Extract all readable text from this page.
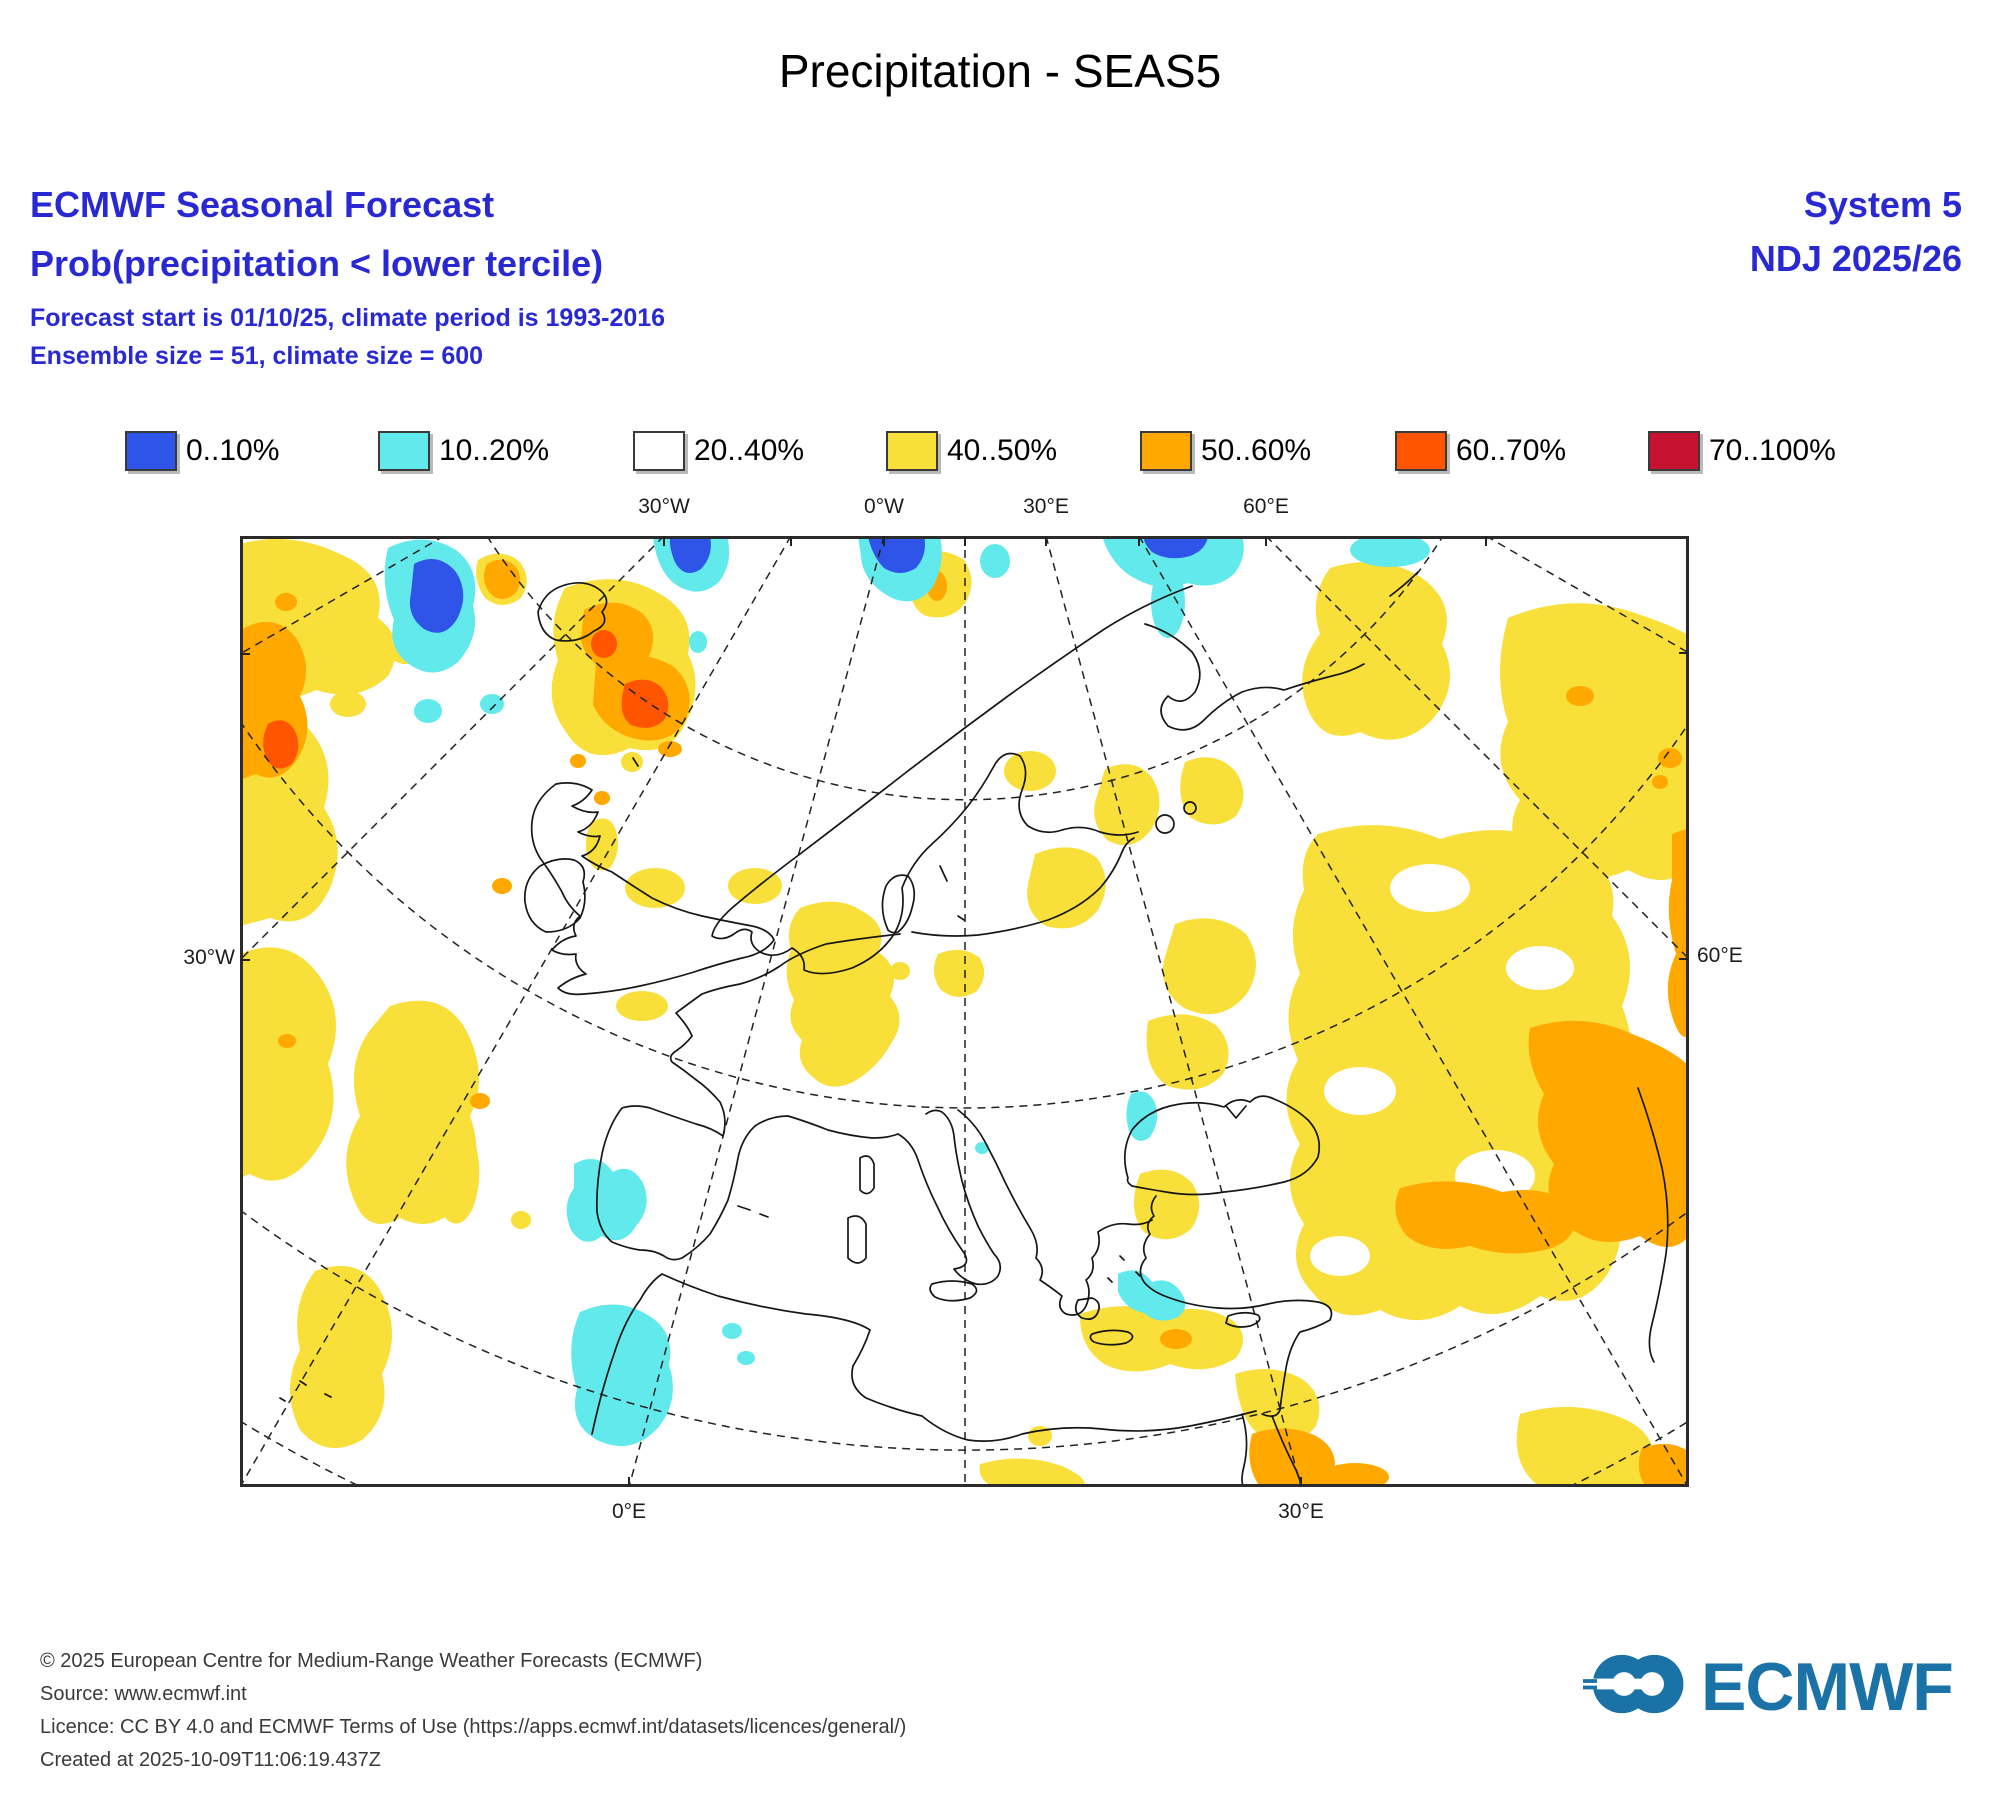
Precipitation - SEAS5
ECMWF Seasonal Forecast
Prob(precipitation < lower tercile)
Forecast start is 01/10/25, climate period is 1993-2016
Ensemble size = 51, climate size = 600
System 5
NDJ 2025/26
0..10%	10..20%	20..40%	40..50%	50..60%	60..70%	70..100%
30°W	0°W	30°E	60°E
0°E	30°E
30°W	60°E
© 2025 European Centre for Medium-Range Weather Forecasts (ECMWF)
Source: www.ecmwf.int
Licence: CC BY 4.0 and ECMWF Terms of Use (https://apps.ecmwf.int/datasets/licences/general/)
Created at 2025-10-09T11:06:19.437Z
ECMWF
